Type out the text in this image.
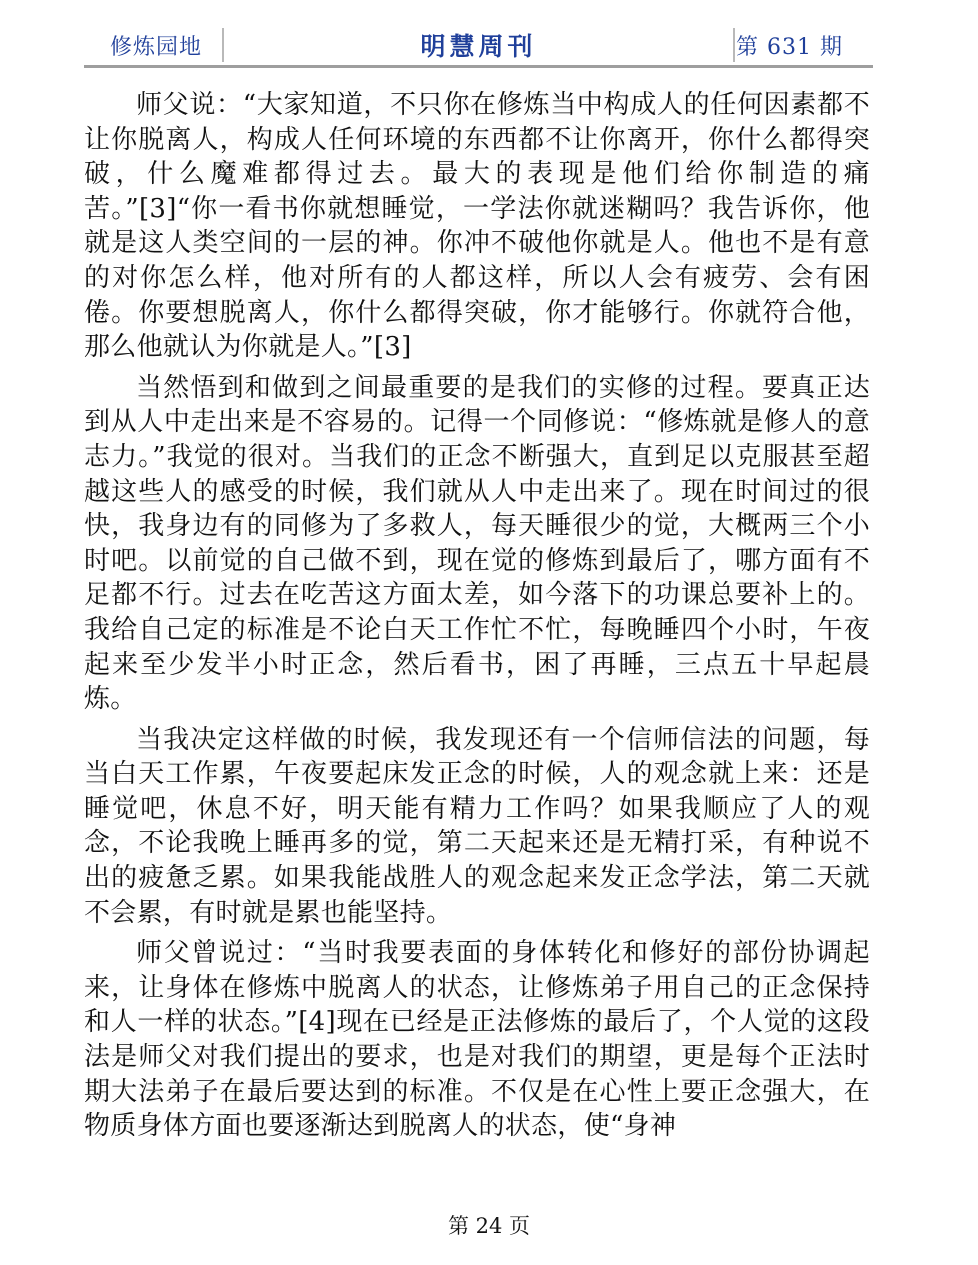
修炼园地	明慧周刊	第 631 期

师父说：“大家知道，不只你在修炼当中构成人的任何因素都不让你脱离人，构成人任何环境的东西都不让你离开，你什么都得突破，什么魔难都得过去。最大的表现是他们给你制造的痛苦。”[3]“你一看书你就想睡觉，一学法你就迷糊吗？我告诉你，他就是这人类空间的一层的神。你冲不破他你就是人。他也不是有意的对你怎么样，他对所有的人都这样，所以人会有疲劳、会有困倦。你要想脱离人，你什么都得突破，你才能够行。你就符合他，那么他就认为你就是人。”[3]

当然悟到和做到之间最重要的是我们的实修的过程。要真正达到从人中走出来是不容易的。记得一个同修说：“修炼就是修人的意志力。”我觉的很对。当我们的正念不断强大，直到足以克服甚至超越这些人的感受的时候，我们就从人中走出来了。现在时间过的很快，我身边有的同修为了多救人，每天睡很少的觉，大概两三个小时吧。以前觉的自己做不到，现在觉的修炼到最后了，哪方面有不足都不行。过去在吃苦这方面太差，如今落下的功课总要补上的。我给自己定的标准是不论白天工作忙不忙，每晚睡四个小时，午夜起来至少发半小时正念，然后看书，困了再睡，三点五十早起晨炼。

当我决定这样做的时候，我发现还有一个信师信法的问题，每当白天工作累，午夜要起床发正念的时候，人的观念就上来：还是睡觉吧，休息不好，明天能有精力工作吗？如果我顺应了人的观念，不论我晚上睡再多的觉，第二天起来还是无精打采，有种说不出的疲惫乏累。如果我能战胜人的观念起来发正念学法，第二天就不会累，有时就是累也能坚持。

师父曾说过：“当时我要表面的身体转化和修好的部份协调起来，让身体在修炼中脱离人的状态，让修炼弟子用自己的正念保持和人一样的状态。”[4]现在已经是正法修炼的最后了，个人觉的这段法是师父对我们提出的要求，也是对我们的期望，更是每个正法时期大法弟子在最后要达到的标准。不仅是在心性上要正念强大，在物质身体方面也要逐渐达到脱离人的状态，使“身神

第 24 页
